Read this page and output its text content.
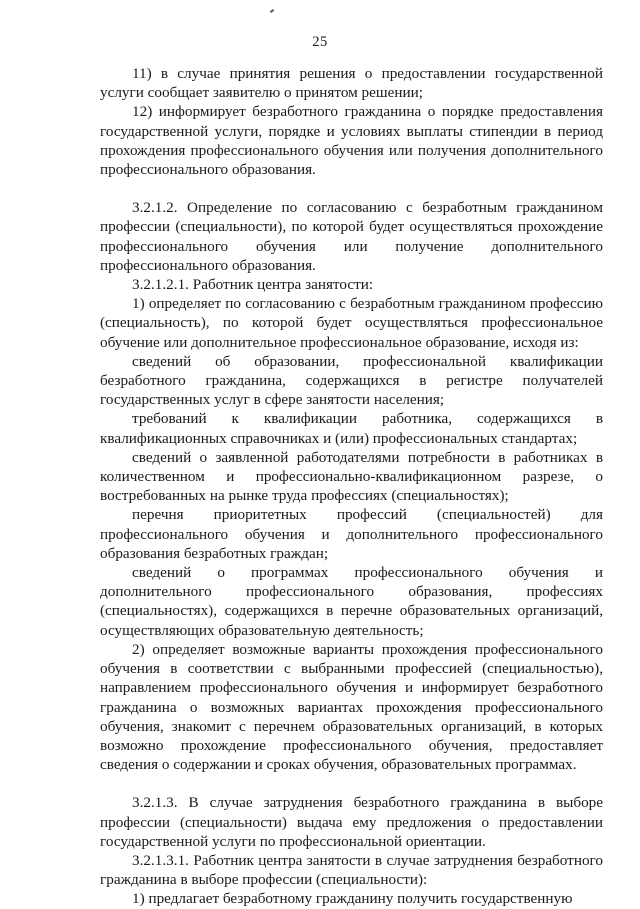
25

11) в случае принятия решения о предоставлении государственной услуги сообщает заявителю о принятом решении;

12) информирует безработного гражданина о порядке предоставления государственной услуги, порядке и условиях выплаты стипендии в период прохождения профессионального обучения или получения дополнительного профессионального образования.

3.2.1.2. Определение по согласованию с безработным гражданином профессии (специальности), по которой будет осуществляться прохождение профессионального обучения или получение дополнительного профессионального образования.

3.2.1.2.1. Работник центра занятости:

1) определяет по согласованию с безработным гражданином профессию (специальность), по которой будет осуществляться профессиональное обучение или дополнительное профессиональное образование, исходя из:

сведений об образовании, профессиональной квалификации безработного гражданина, содержащихся в регистре получателей государственных услуг в сфере занятости населения;

требований к квалификации работника, содержащихся в квалификационных справочниках и (или) профессиональных стандартах;

сведений о заявленной работодателями потребности в работниках в количественном и профессионально-квалификационном разрезе, о востребованных на рынке труда профессиях (специальностях);

перечня приоритетных профессий (специальностей) для профессионального обучения и дополнительного профессионального образования безработных граждан;

сведений о программах профессионального обучения и дополнительного профессионального образования, профессиях (специальностях), содержащихся в перечне образовательных организаций, осуществляющих образовательную деятельность;

2) определяет возможные варианты прохождения профессионального обучения в соответствии с выбранными профессией (специальностью), направлением профессионального обучения и информирует безработного гражданина о возможных вариантах прохождения профессионального обучения, знакомит с перечнем образовательных организаций, в которых возможно прохождение профессионального обучения, предоставляет сведения о содержании и сроках обучения, образовательных программах.

3.2.1.3. В случае затруднения безработного гражданина в выборе профессии (специальности) выдача ему предложения о предоставлении государственной услуги по профессиональной ориентации.

3.2.1.3.1. Работник центра занятости в случае затруднения безработного гражданина в выборе профессии (специальности):

1) предлагает безработному гражданину получить государственную
